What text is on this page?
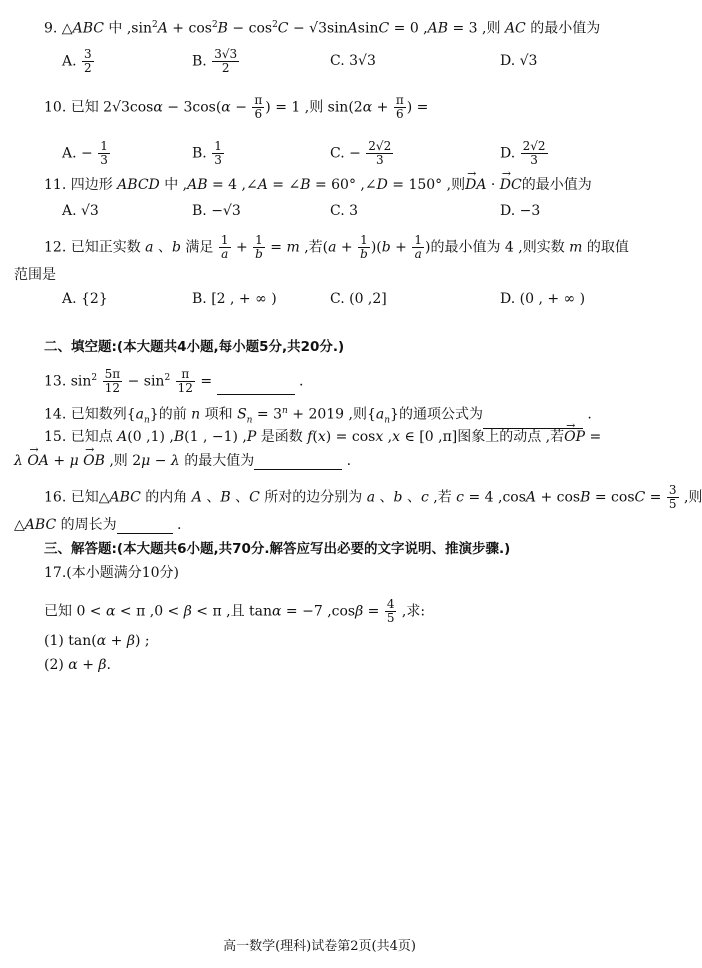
9. △ABC 中 $,\sin^2A + \cos^2B - \cos^2C$ − √3sinAsinC = 0 ,AB = 3 ,则 AC 的最小值为
A. $\frac{3}{2}$	B. $\frac{3√3}{2}$	C. 3√3	D. √3
10. 已知 $2√3\cos\alpha - 3\cos(\alpha - \frac{\pi}{6}$ ) = 1 ,则 $\sin(2\alpha + \frac{\pi}{6}$ ) =
A. − $\frac{1}{3}$	B. $\frac{1}{3}$	C. − $\frac{2√2}{3}$	D. $\frac{2√2}{3}$
11. 四边形 ABCD 中 ,AB = 4 ,∠A = ∠B = 60° ,∠D = 150° ,则→ DA · → DC的最小值为
A. √3	B. −√3	C. 3	D. −3
12. 已知正实数 a 、b 满足 $\frac{1}{a} + \frac{1}{b} = m$ ,若$(a + \frac{1}{b} )(b + \frac{1}{a}$ )的最小值为 4 ,则实数 m 的取值
范围是
A. {2}	B. [2 , + ∞ )	C. (0 ,2]	D. (0 , + ∞ )
二、填空题:(本大题共4小题,每小题5分,共20分.)
13. $\sin^2 \frac{5\pi}{12} - \sin^2 \frac{\pi}{12}$ =	.
14. 已知数列$\{a_n\}$的前 n 项和 $S_n = 3^n + 2019$ ,则$\{a_n\}$的通项公式为	.
15. 已知点 A(0 ,1) ,B(1 , −1) ,P 是函数 f(x) = cosx ,x ∈ [0 ,π]图象上的动点 ,若→ OP =
λ → OA + μ → OB ,则 2μ − λ 的最大值为	.
16. 已知△ABC 的内角 A 、B 、C 所对的边分别为 a 、b 、c ,若 c = 4 $,\cos A + \cos B = \cos C = \frac{3}{5}$ ,则
△ABC 的周长为	.
三、解答题:(本大题共6小题,共70分.解答应写出必要的文字说明、推演步骤.)
17.(本小题满分10分)
已知 0 < α < π ,0 < β < π ,且 tanα = −7 $,\cos\beta = \frac{4}{5}$ ,求:
(1) tan(α + β) ;
(2) α + β.
高一数学(理科)试卷第2页(共4页)
